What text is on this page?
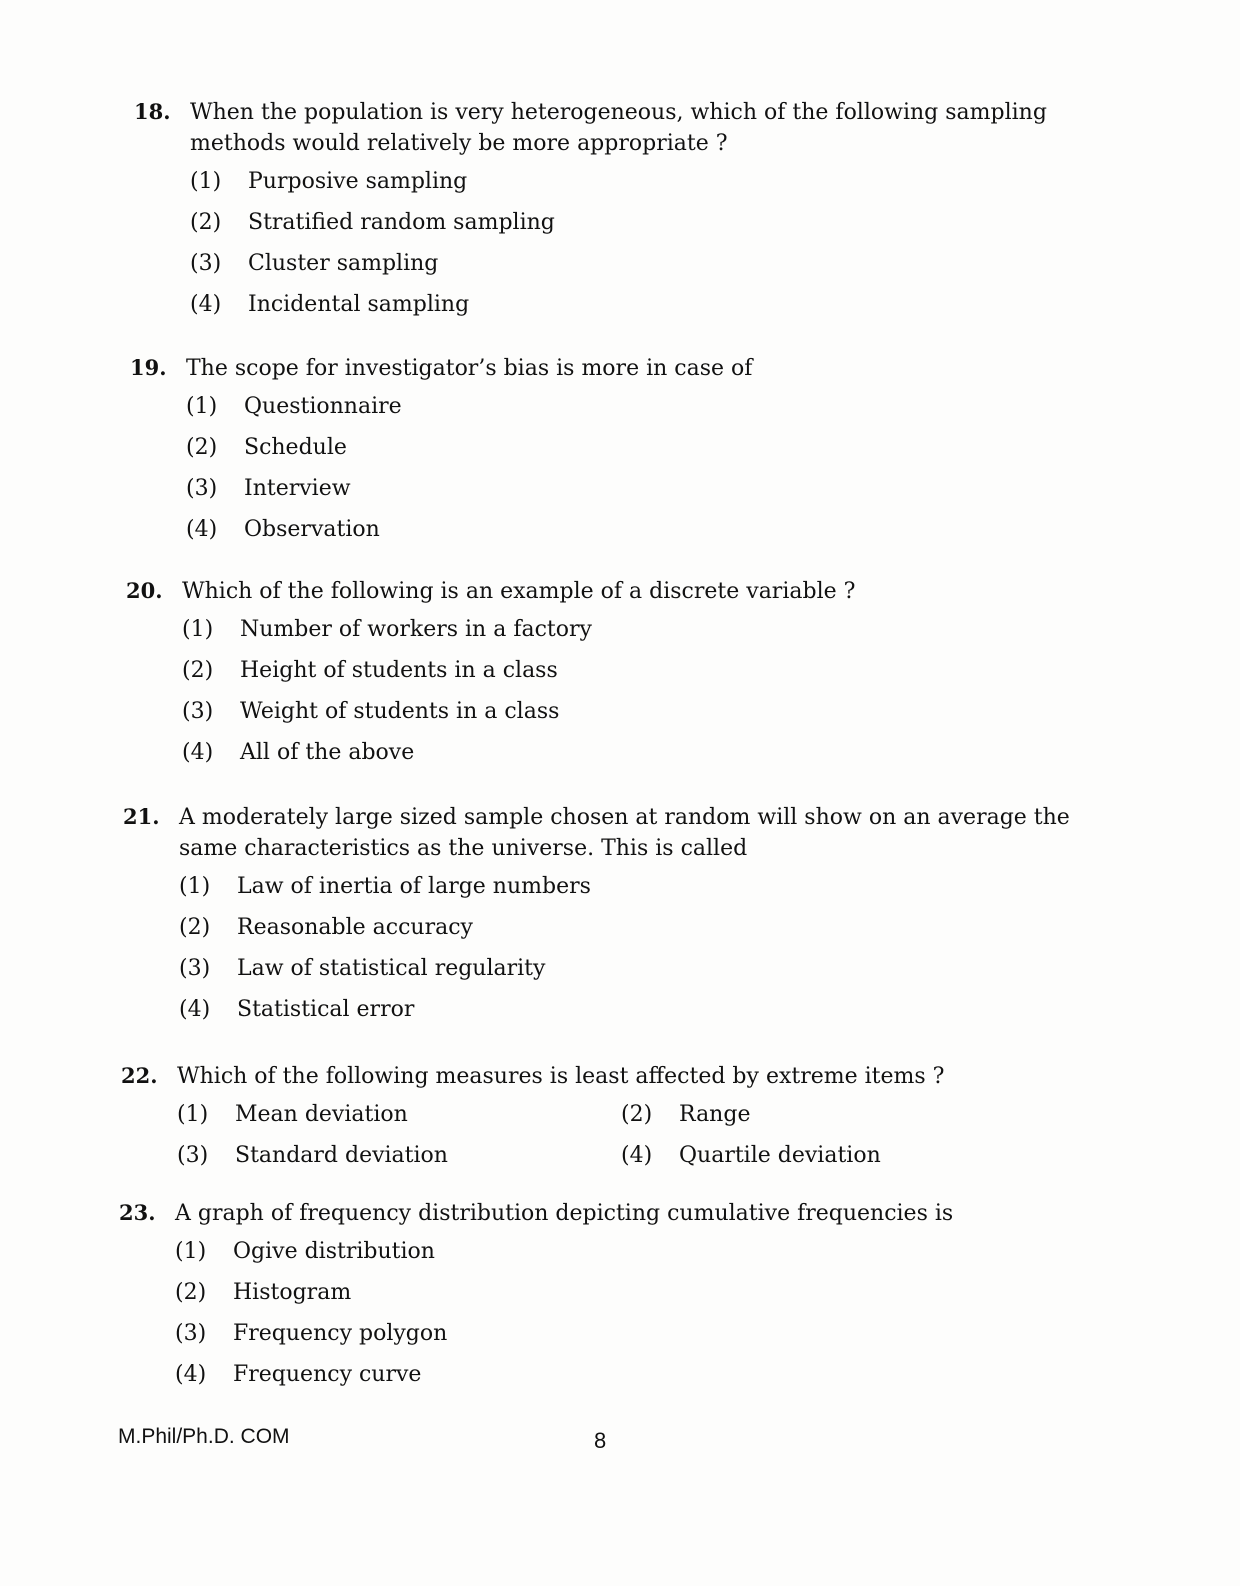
18. When the population is very heterogeneous, which of the following sampling methods would relatively be more appropriate ?
(1)	Purposive sampling
(2)	Stratified random sampling
(3)	Cluster sampling
(4)	Incidental sampling
19. The scope for investigator’s bias is more in case of
(1)	Questionnaire
(2)	Schedule
(3)	Interview
(4)	Observation
20. Which of the following is an example of a discrete variable ?
(1)	Number of workers in a factory
(2)	Height of students in a class
(3)	Weight of students in a class
(4)	All of the above
21. A moderately large sized sample chosen at random will show on an average the same characteristics as the universe. This is called
(1)	Law of inertia of large numbers
(2)	Reasonable accuracy
(3)	Law of statistical regularity
(4)	Statistical error
22. Which of the following measures is least affected by extreme items ?
(1)	Mean deviation	(2)	Range
(3)	Standard deviation	(4)	Quartile deviation
23. A graph of frequency distribution depicting cumulative frequencies is
(1)	Ogive distribution
(2)	Histogram
(3)	Frequency polygon
(4)	Frequency curve
M.Phil/Ph.D. COM	8
